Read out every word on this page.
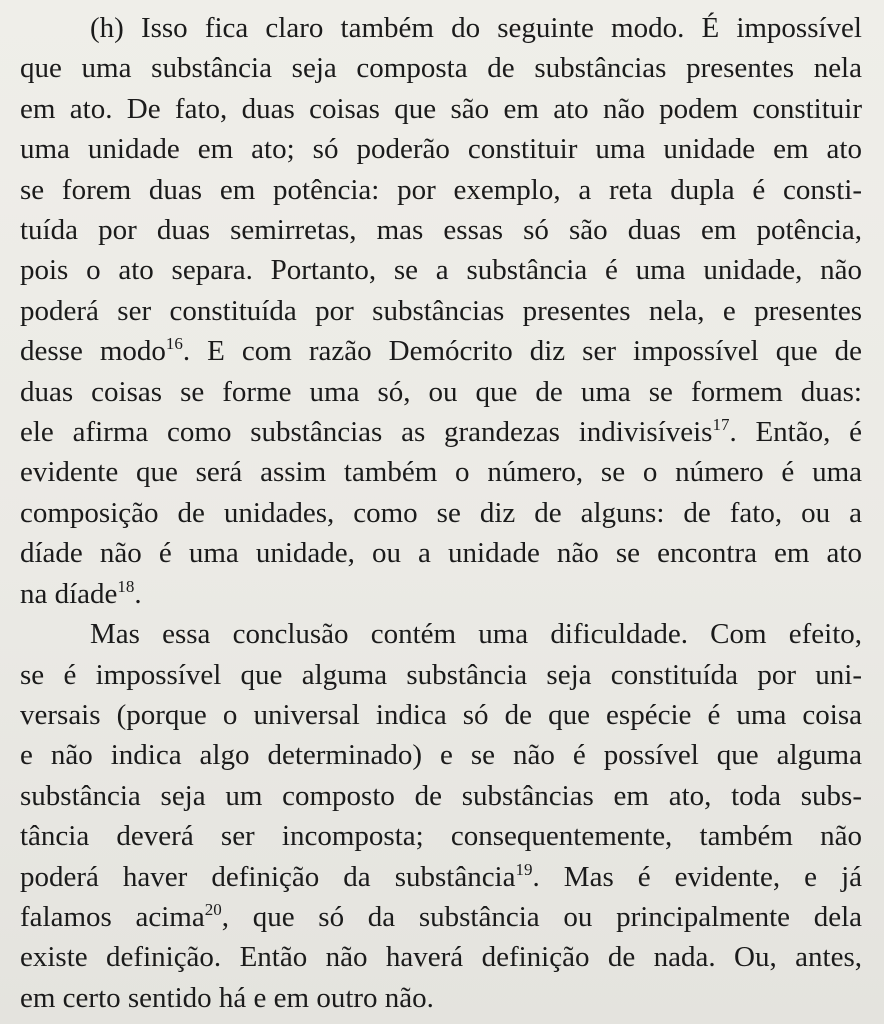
(h) Isso fica claro também do seguinte modo. É impossível
que uma substância seja composta de substâncias presentes nela
em ato. De fato, duas coisas que são em ato não podem constituir
uma unidade em ato; só poderão constituir uma unidade em ato
se forem duas em potência: por exemplo, a reta dupla é consti-
tuída por duas semirretas, mas essas só são duas em potência,
pois o ato separa. Portanto, se a substância é uma unidade, não
poderá ser constituída por substâncias presentes nela, e presentes
desse modo$^{16}$. E com razão Demócrito diz ser impossível que de
duas coisas se forme uma só, ou que de uma se formem duas:
ele afirma como substâncias as grandezas indivisíveis$^{17}$. Então, é
evidente que será assim também o número, se o número é uma
composição de unidades, como se diz de alguns: de fato, ou a
díade não é uma unidade, ou a unidade não se encontra em ato
na díade$^{18}$.
Mas essa conclusão contém uma dificuldade. Com efeito,
se é impossível que alguma substância seja constituída por uni-
versais (porque o universal indica só de que espécie é uma coisa
e não indica algo determinado) e se não é possível que alguma
substância seja um composto de substâncias em ato, toda subs-
tância deverá ser incomposta; consequentemente, também não
poderá haver definição da substância$^{19}$. Mas é evidente, e já
falamos acima$^{20}$, que só da substância ou principalmente dela
existe definição. Então não haverá definição de nada. Ou, antes,
em certo sentido há e em outro não.
